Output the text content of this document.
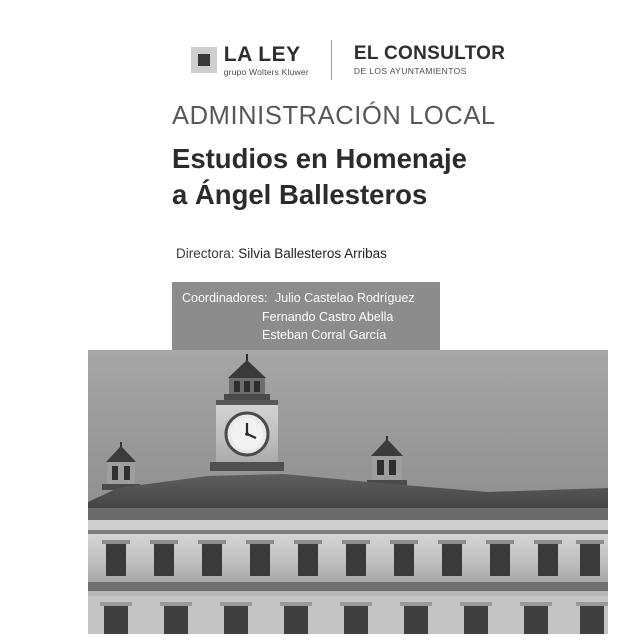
LA LEY
grupo Wolters Kluwer
EL CONSULTOR
DE LOS AYUNTAMIENTOS
ADMINISTRACIÓN LOCAL
Estudios en Homenaje
a Ángel Ballesteros
Directora: Silvia Ballesteros Arribas
Coordinadores: Julio Castelao Rodríguez
Fernando Castro Abella
Esteban Corral García
